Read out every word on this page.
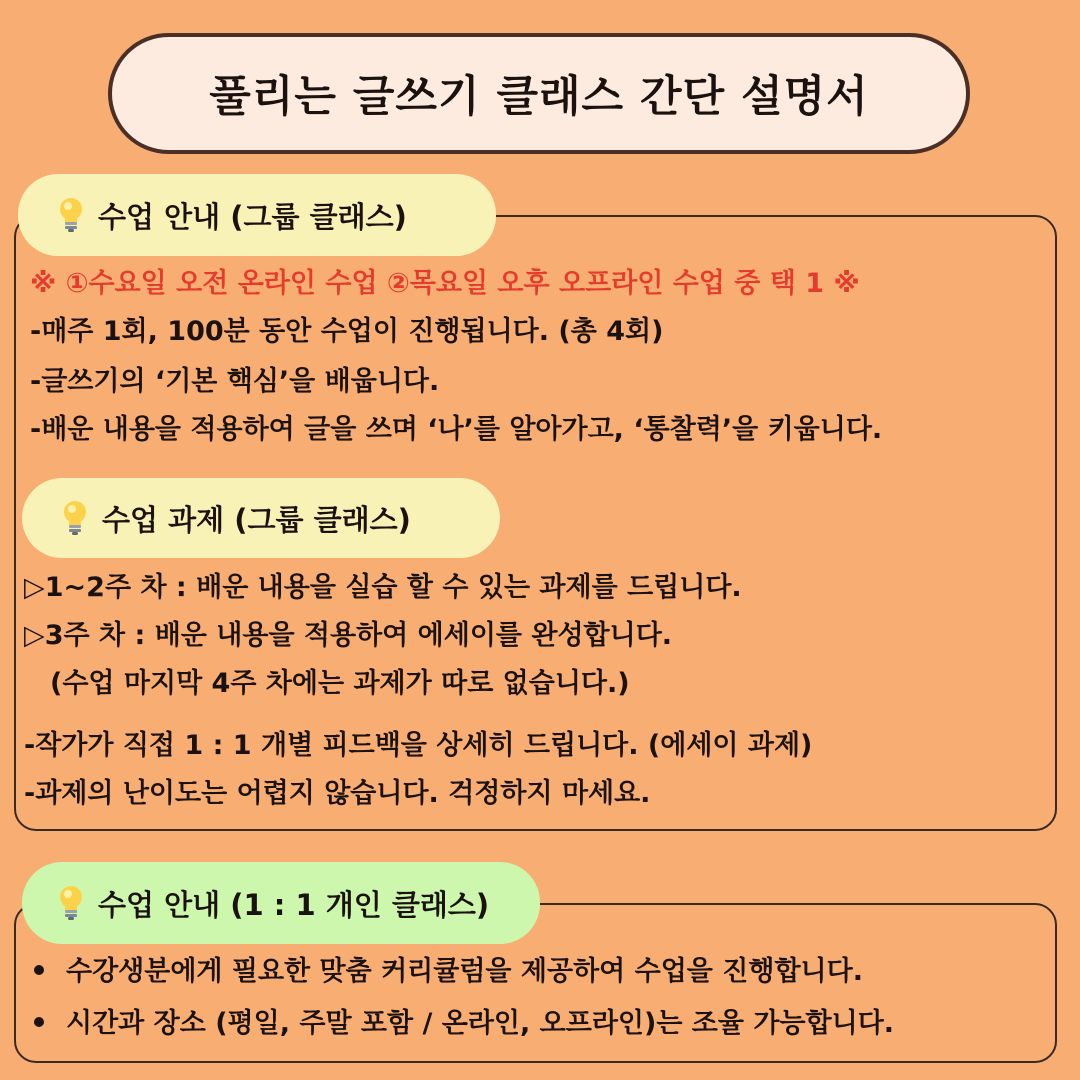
풀리는 글쓰기 클래스 간단 설명서
수업 안내 (그룹 클래스)
※ ①수요일 오전 온라인 수업 ②목요일 오후 오프라인 수업 중 택 1 ※
-매주 1회, 100분 동안 수업이 진행됩니다. (총 4회)
-글쓰기의 ‘기본 핵심’을 배웁니다.
-배운 내용을 적용하여 글을 쓰며 ‘나’를 알아가고, ‘통찰력’을 키웁니다.
수업 과제 (그룹 클래스)
▷1~2주 차 : 배운 내용을 실습 할 수 있는 과제를 드립니다.
▷3주 차 : 배운 내용을 적용하여 에세이를 완성합니다.
(수업 마지막 4주 차에는 과제가 따로 없습니다.)
-작가가 직접 1 : 1 개별 피드백을 상세히 드립니다. (에세이 과제)
-과제의 난이도는 어렵지 않습니다. 걱정하지 마세요.
수업 안내 (1 : 1 개인 클래스)
수강생분에게 필요한 맞춤 커리큘럼을 제공하여 수업을 진행합니다.
시간과 장소 (평일, 주말 포함 / 온라인, 오프라인)는 조율 가능합니다.
